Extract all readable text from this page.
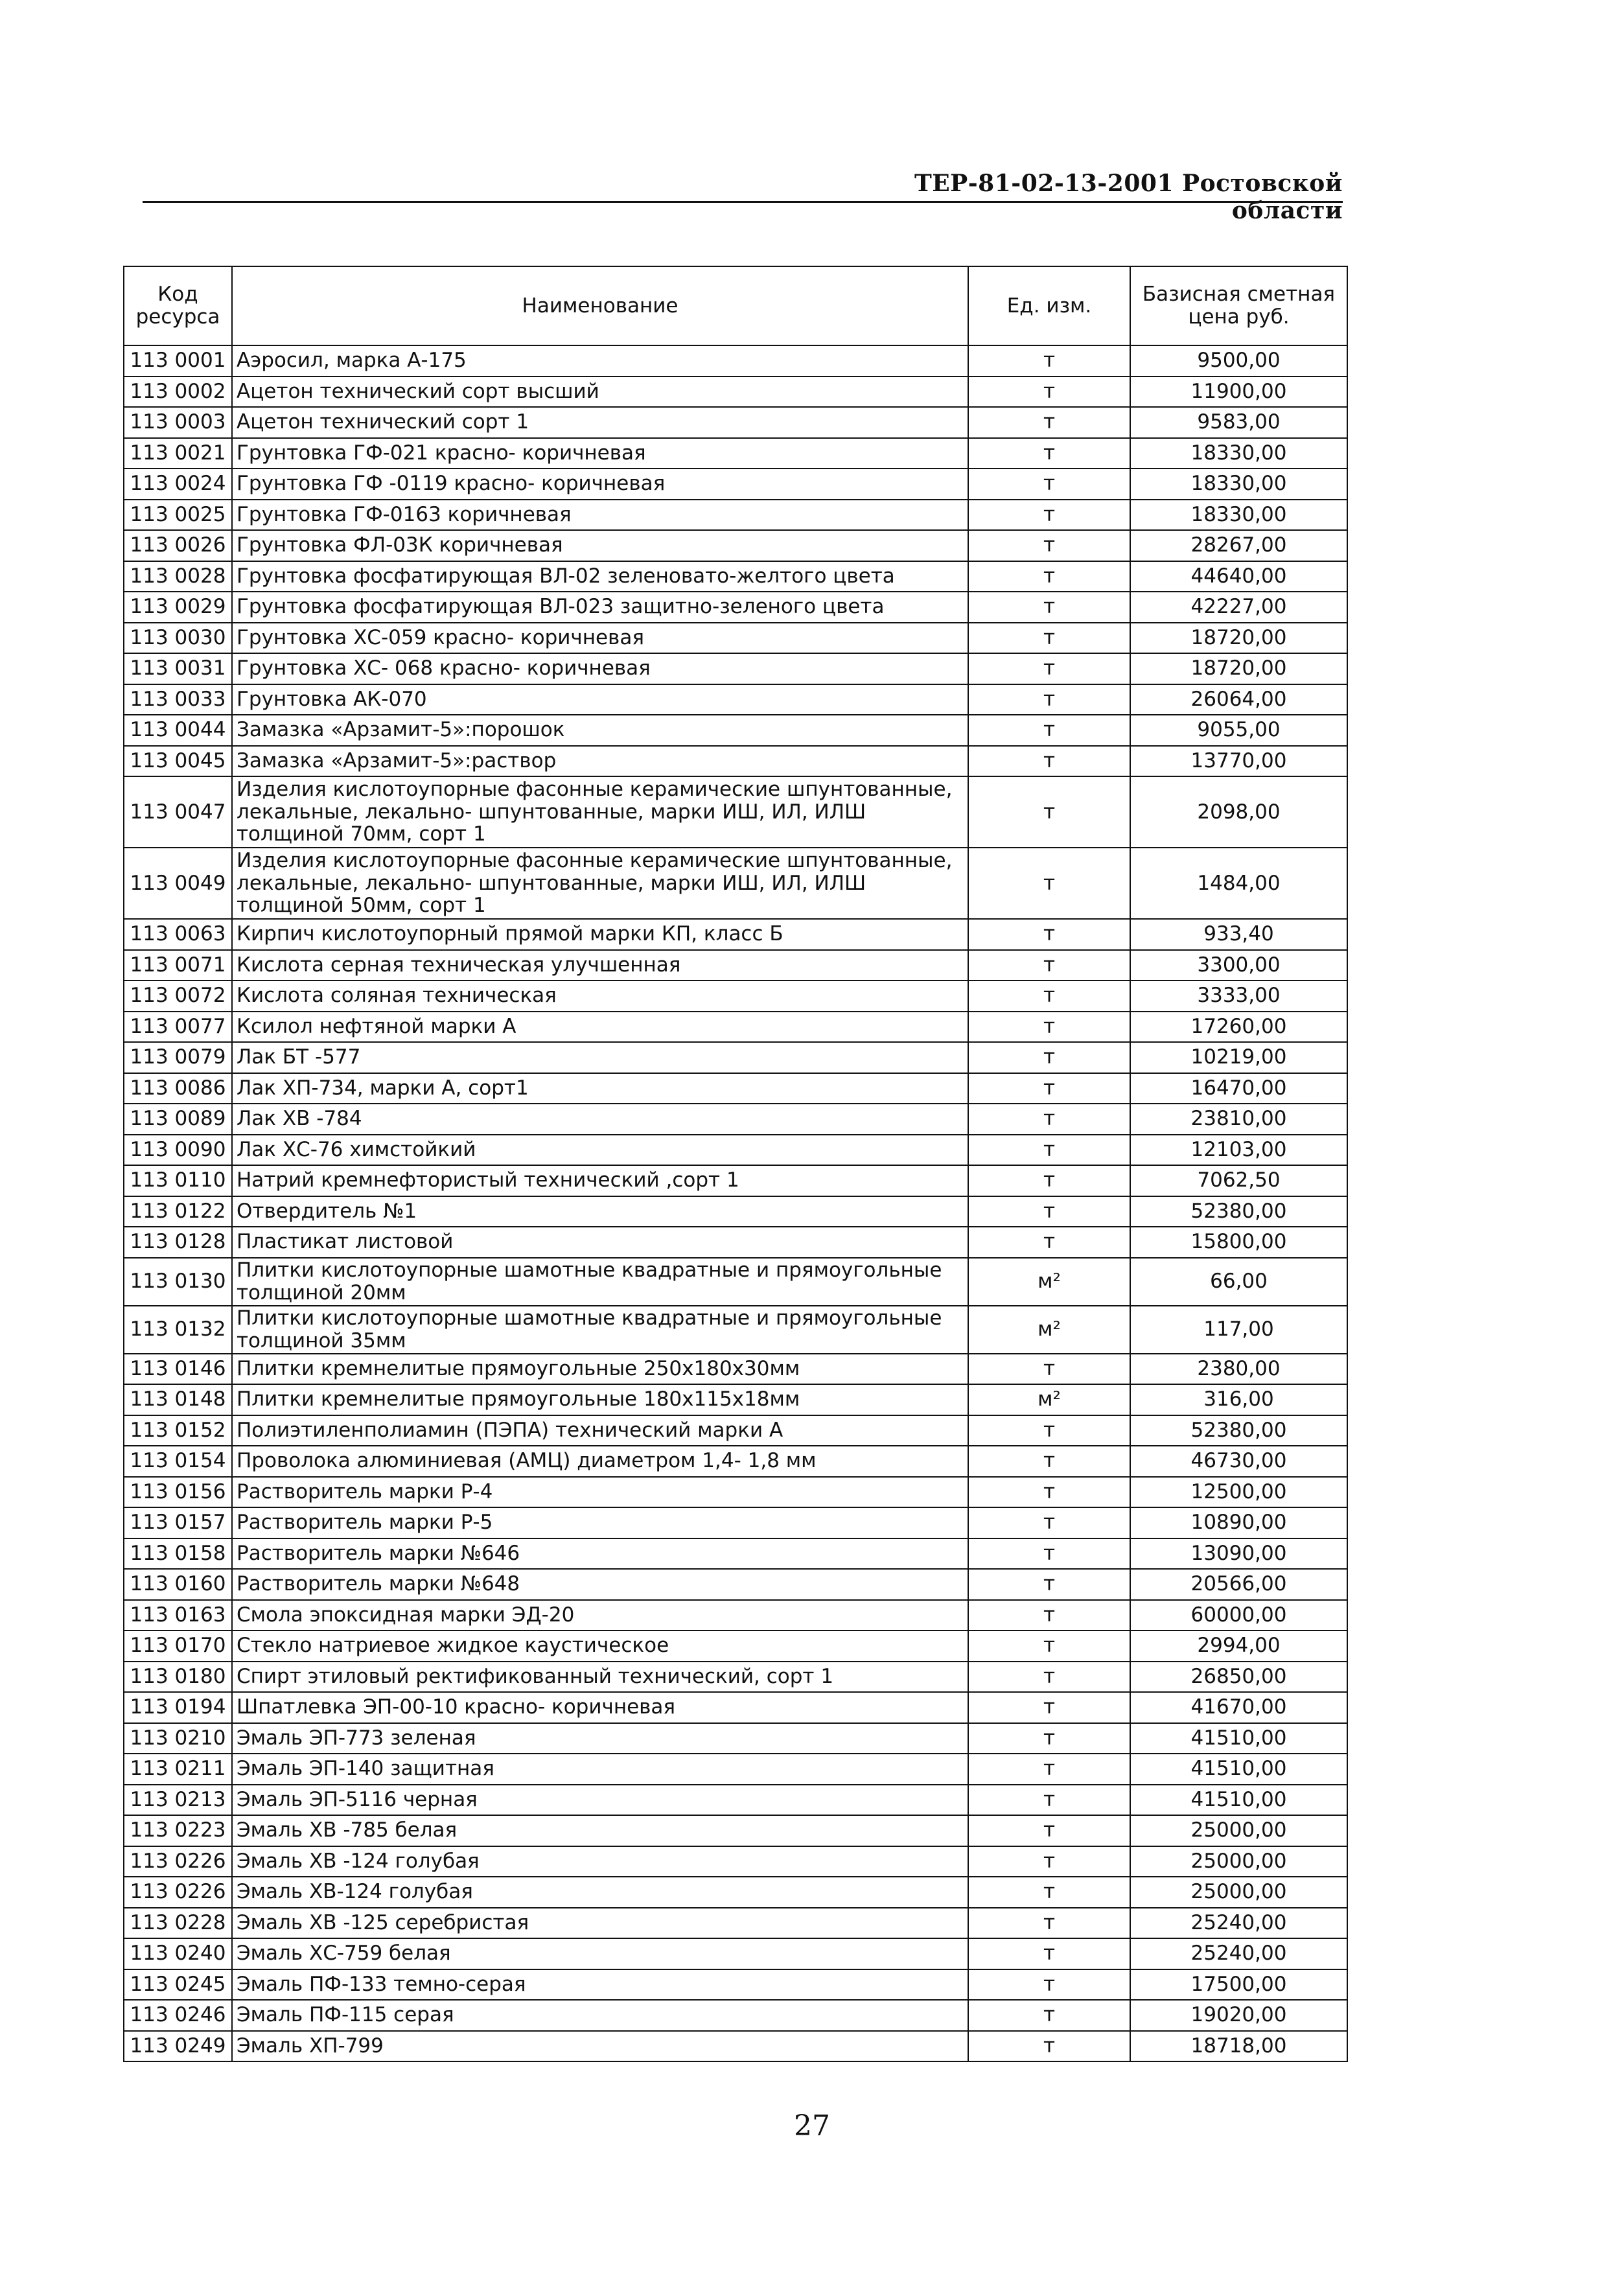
ТЕР-81-02-13-2001 Ростовской области
Код ресурса	Наименование	Ед. изм.	Базисная сметная цена руб.
113 0001	Аэросил, марка А-175	т	9500,00
113 0002	Ацетон технический сорт высший	т	11900,00
113 0003	Ацетон технический сорт 1	т	9583,00
113 0021	Грунтовка ГФ-021 красно- коричневая	т	18330,00
113 0024	Грунтовка ГФ -0119 красно- коричневая	т	18330,00
113 0025	Грунтовка ГФ-0163 коричневая	т	18330,00
113 0026	Грунтовка ФЛ-03К коричневая	т	28267,00
113 0028	Грунтовка фосфатирующая ВЛ-02 зеленовато-желтого цвета	т	44640,00
113 0029	Грунтовка фосфатирующая ВЛ-023 защитно-зеленого цвета	т	42227,00
113 0030	Грунтовка ХС-059 красно- коричневая	т	18720,00
113 0031	Грунтовка ХС- 068 красно- коричневая	т	18720,00
113 0033	Грунтовка АК-070	т	26064,00
113 0044	Замазка «Арзамит-5»:порошок	т	9055,00
113 0045	Замазка «Арзамит-5»:раствор	т	13770,00
113 0047	Изделия кислотоупорные фасонные керамические шпунтованные, лекальные, лекально- шпунтованные, марки ИШ, ИЛ, ИЛШ толщиной 70мм, сорт 1	т	2098,00
113 0049	Изделия кислотоупорные фасонные керамические шпунтованные, лекальные, лекально- шпунтованные, марки ИШ, ИЛ, ИЛШ толщиной 50мм, сорт 1	т	1484,00
113 0063	Кирпич кислотоупорный прямой марки КП, класс Б	т	933,40
113 0071	Кислота серная техническая улучшенная	т	3300,00
113 0072	Кислота соляная техническая	т	3333,00
113 0077	Ксилол нефтяной марки А	т	17260,00
113 0079	Лак БТ -577	т	10219,00
113 0086	Лак ХП-734, марки А, сорт1	т	16470,00
113 0089	Лак ХВ -784	т	23810,00
113 0090	Лак ХС-76 химстойкий	т	12103,00
113 0110	Натрий кремнефтористый технический ,сорт 1	т	7062,50
113 0122	Отвердитель №1	т	52380,00
113 0128	Пластикат листовой	т	15800,00
113 0130	Плитки кислотоупорные шамотные квадратные и прямоугольные толщиной 20мм	м²	66,00
113 0132	Плитки кислотоупорные шамотные квадратные и прямоугольные толщиной 35мм	м²	117,00
113 0146	Плитки кремнелитые прямоугольные 250х180х30мм	т	2380,00
113 0148	Плитки кремнелитые прямоугольные 180х115х18мм	м²	316,00
113 0152	Полиэтиленполиамин (ПЭПА) технический марки А	т	52380,00
113 0154	Проволока алюминиевая (АМЦ) диаметром 1,4- 1,8 мм	т	46730,00
113 0156	Растворитель марки Р-4	т	12500,00
113 0157	Растворитель марки Р-5	т	10890,00
113 0158	Растворитель марки №646	т	13090,00
113 0160	Растворитель марки №648	т	20566,00
113 0163	Смола эпоксидная марки ЭД-20	т	60000,00
113 0170	Стекло натриевое жидкое каустическое	т	2994,00
113 0180	Спирт этиловый ректификованный технический, сорт 1	т	26850,00
113 0194	Шпатлевка ЭП-00-10 красно- коричневая	т	41670,00
113 0210	Эмаль ЭП-773 зеленая	т	41510,00
113 0211	Эмаль ЭП-140 защитная	т	41510,00
113 0213	Эмаль ЭП-5116 черная	т	41510,00
113 0223	Эмаль ХВ -785 белая	т	25000,00
113 0226	Эмаль ХВ -124 голубая	т	25000,00
113 0226	Эмаль ХВ-124 голубая	т	25000,00
113 0228	Эмаль ХВ -125 серебристая	т	25240,00
113 0240	Эмаль ХС-759 белая	т	25240,00
113 0245	Эмаль ПФ-133 темно-серая	т	17500,00
113 0246	Эмаль ПФ-115 серая	т	19020,00
113 0249	Эмаль ХП-799	т	18718,00
27
